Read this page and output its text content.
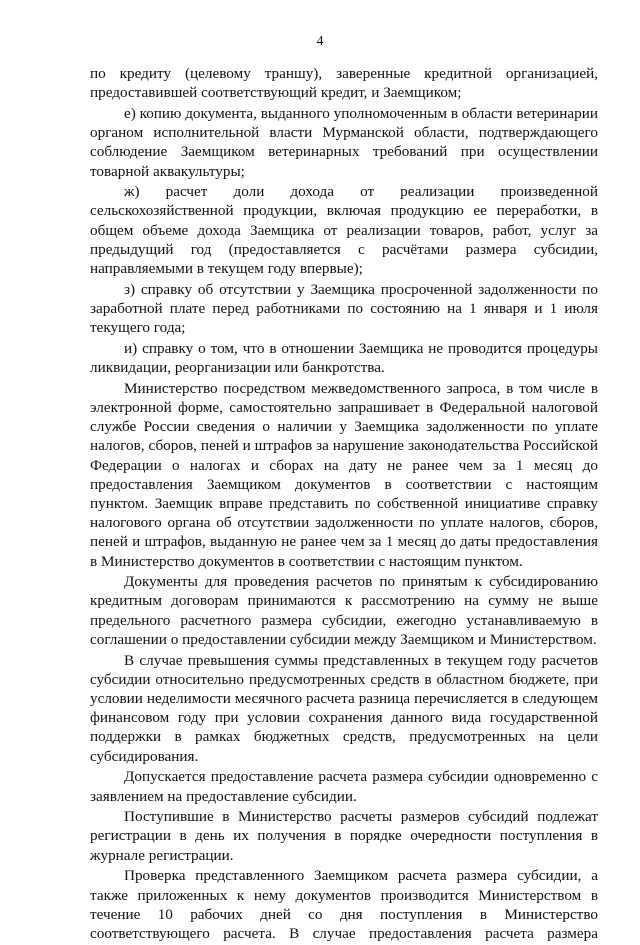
4

по кредиту (целевому траншу), заверенные кредитной организацией, предоставившей соответствующий кредит, и Заемщиком;

е) копию документа, выданного уполномоченным в области ветеринарии органом исполнительной власти Мурманской области, подтверждающего соблюдение Заемщиком ветеринарных требований при осуществлении товарной аквакультуры;

ж) расчет доли дохода от реализации произведенной сельскохозяйственной продукции, включая продукцию ее переработки, в общем объеме дохода Заемщика от реализации товаров, работ, услуг за предыдущий год (предоставляется с расчётами размера субсидии, направляемыми в текущем году впервые);

з) справку об отсутствии у Заемщика просроченной задолженности по заработной плате перед работниками по состоянию на 1 января и 1 июля текущего года;

и) справку о том, что в отношении Заемщика не проводится процедуры ликвидации, реорганизации или банкротства.

Министерство посредством межведомственного запроса, в том числе в электронной форме, самостоятельно запрашивает в Федеральной налоговой службе России сведения о наличии у Заемщика задолженности по уплате налогов, сборов, пеней и штрафов за нарушение законодательства Российской Федерации о налогах и сборах на дату не ранее чем за 1 месяц до предоставления Заемщиком документов в соответствии с настоящим пунктом. Заемщик вправе представить по собственной инициативе справку налогового органа об отсутствии задолженности по уплате налогов, сборов, пеней и штрафов, выданную не ранее чем за 1 месяц до даты предоставления в Министерство документов в соответствии с настоящим пунктом.

Документы для проведения расчетов по принятым к субсидированию кредитным договорам принимаются к рассмотрению на сумму не выше предельного расчетного размера субсидии, ежегодно устанавливаемую в соглашении о предоставлении субсидии между Заемщиком и Министерством.

В случае превышения суммы представленных в текущем году расчетов субсидии относительно предусмотренных средств в областном бюджете, при условии неделимости месячного расчета разница перечисляется в следующем финансовом году при условии сохранения данного вида государственной поддержки в рамках бюджетных средств, предусмотренных на цели субсидирования.

Допускается предоставление расчета размера субсидии одновременно с заявлением на предоставление субсидии.

Поступившие в Министерство расчеты размеров субсидий подлежат регистрации в день их получения в порядке очередности поступления в журнале регистрации.

Проверка представленного Заемщиком расчета размера субсидии, а также приложенных к нему документов производится Министерством в течение 10 рабочих дней со дня поступления в Министерство соответствующего расчета. В случае предоставления расчета размера
